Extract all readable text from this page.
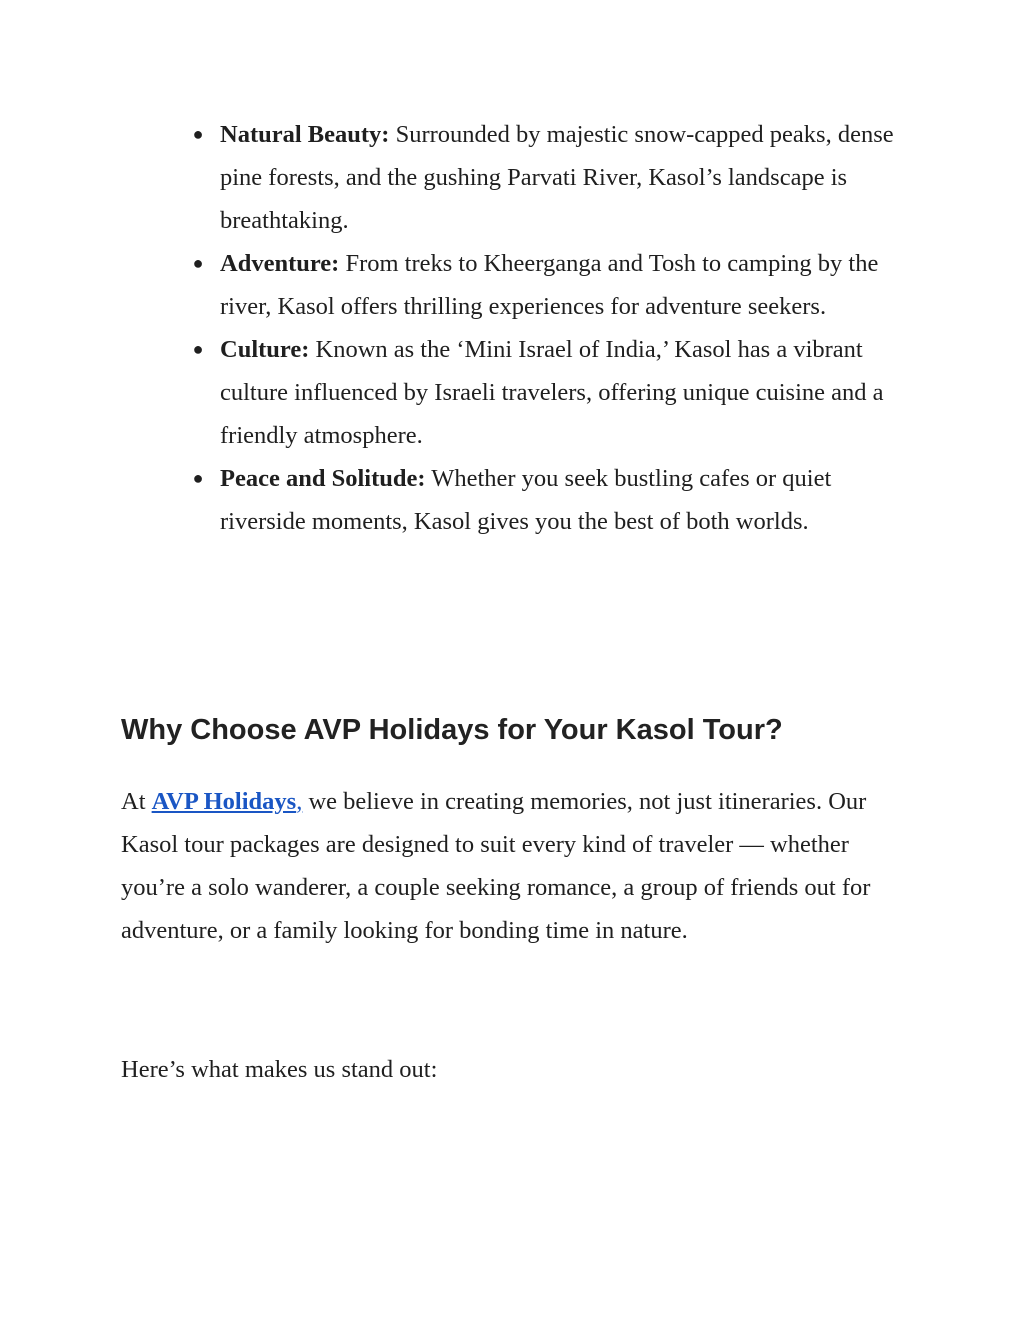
● Natural Beauty: Surrounded by majestic snow-capped peaks, dense pine forests, and the gushing Parvati River, Kasol’s landscape is breathtaking.
● Adventure: From treks to Kheerganga and Tosh to camping by the river, Kasol offers thrilling experiences for adventure seekers.
● Culture: Known as the ‘Mini Israel of India,’ Kasol has a vibrant culture influenced by Israeli travelers, offering unique cuisine and a friendly atmosphere.
● Peace and Solitude: Whether you seek bustling cafes or quiet riverside moments, Kasol gives you the best of both worlds.
Why Choose AVP Holidays for Your Kasol Tour?

At AVP Holidays, we believe in creating memories, not just itineraries. Our Kasol tour packages are designed to suit every kind of traveler — whether you’re a solo wanderer, a couple seeking romance, a group of friends out for adventure, or a family looking for bonding time in nature.

Here’s what makes us stand out:
